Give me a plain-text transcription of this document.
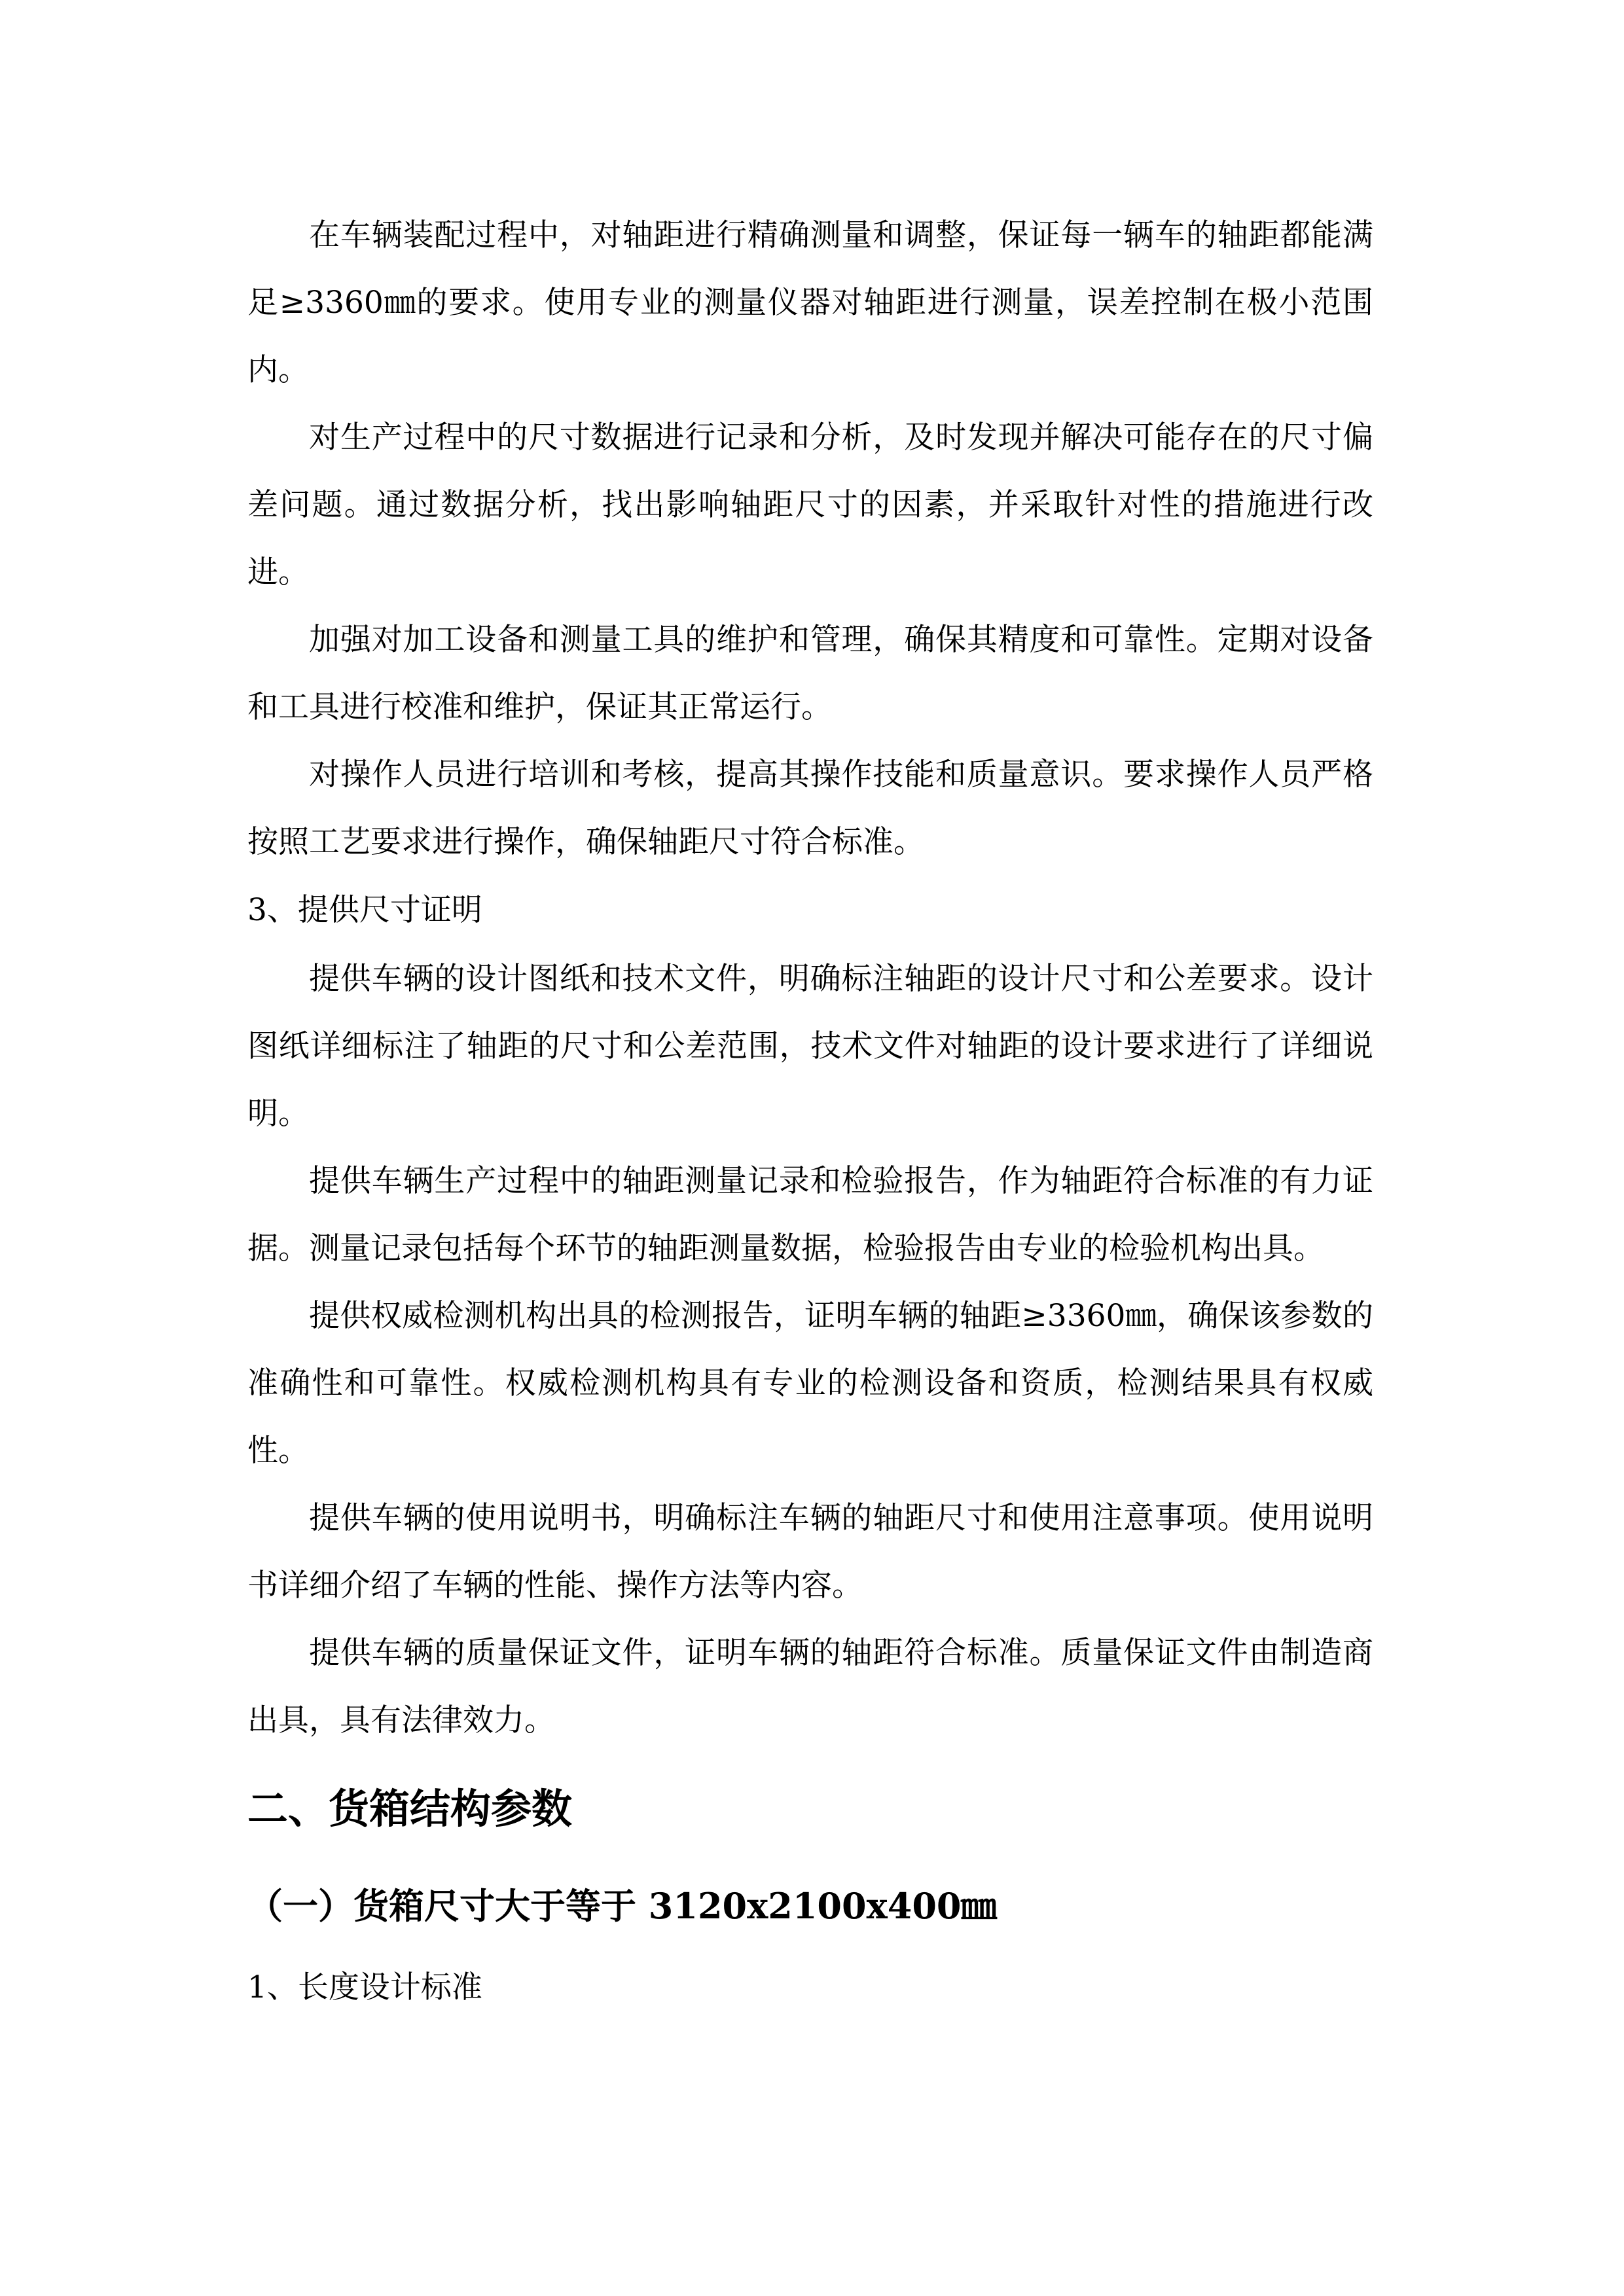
在车辆装配过程中，对轴距进行精确测量和调整，保证每一辆车的轴距都能满足≥3360㎜的要求。使用专业的测量仪器对轴距进行测量，误差控制在极小范围内。

对生产过程中的尺寸数据进行记录和分析，及时发现并解决可能存在的尺寸偏差问题。通过数据分析，找出影响轴距尺寸的因素，并采取针对性的措施进行改进。

加强对加工设备和测量工具的维护和管理，确保其精度和可靠性。定期对设备和工具进行校准和维护，保证其正常运行。

对操作人员进行培训和考核，提高其操作技能和质量意识。要求操作人员严格按照工艺要求进行操作，确保轴距尺寸符合标准。

3、提供尺寸证明

提供车辆的设计图纸和技术文件，明确标注轴距的设计尺寸和公差要求。设计图纸详细标注了轴距的尺寸和公差范围，技术文件对轴距的设计要求进行了详细说明。

提供车辆生产过程中的轴距测量记录和检验报告，作为轴距符合标准的有力证据。测量记录包括每个环节的轴距测量数据，检验报告由专业的检验机构出具。

提供权威检测机构出具的检测报告，证明车辆的轴距≥3360㎜，确保该参数的准确性和可靠性。权威检测机构具有专业的检测设备和资质，检测结果具有权威性。

提供车辆的使用说明书，明确标注车辆的轴距尺寸和使用注意事项。使用说明书详细介绍了车辆的性能、操作方法等内容。

提供车辆的质量保证文件，证明车辆的轴距符合标准。质量保证文件由制造商出具，具有法律效力。

二、货箱结构参数
（一）货箱尺寸大于等于 3120x2100x400㎜

1、长度设计标准
